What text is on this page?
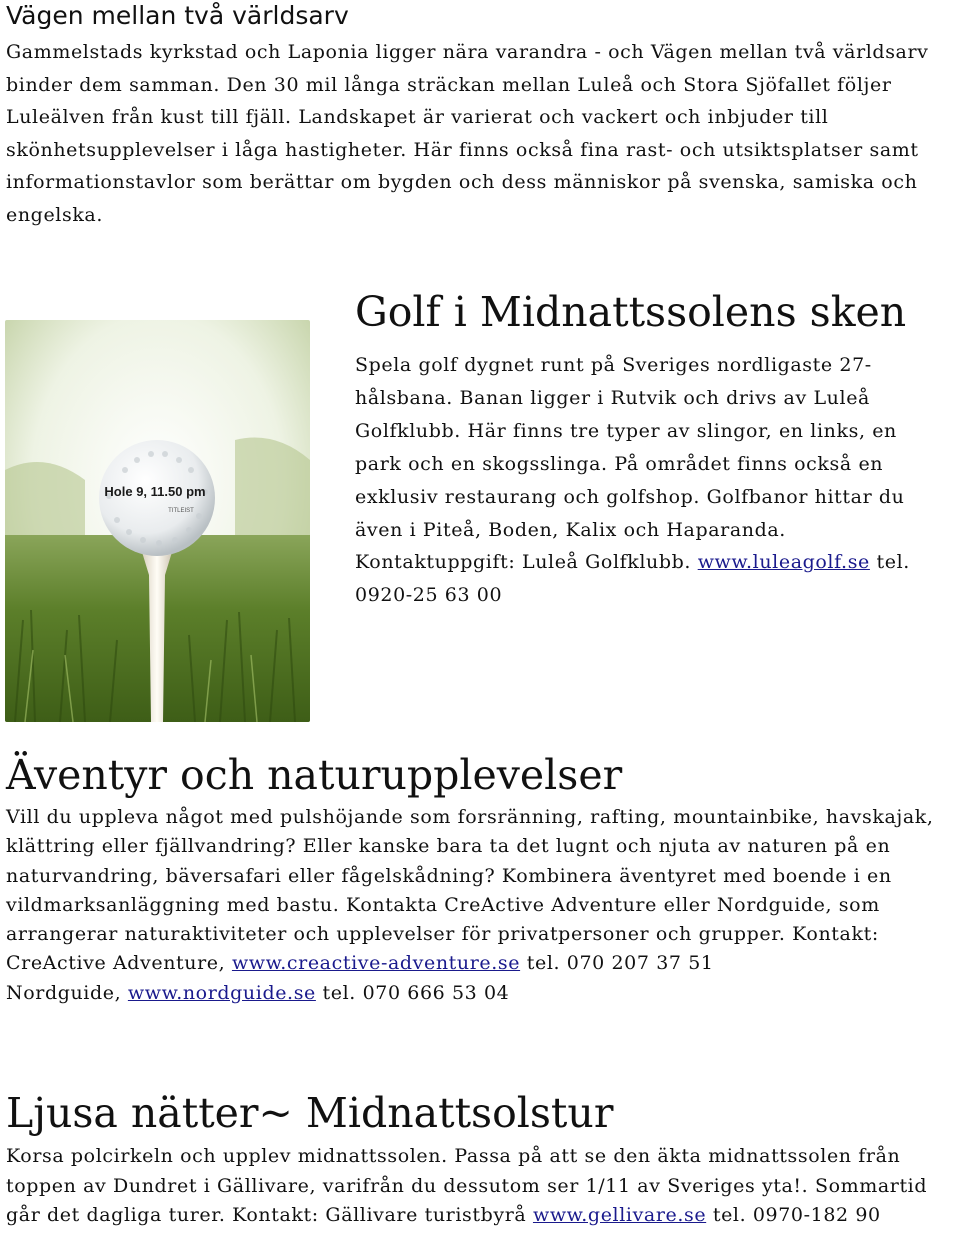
Vägen mellan två världsarv

Gammelstads kyrkstad och Laponia ligger nära varandra - och Vägen mellan två världsarv binder dem samman. Den 30 mil långa sträckan mellan Luleå och Stora Sjöfallet följer Luleälven från kust till fjäll. Landskapet är varierat och vackert och inbjuder till skönhetsupplevelser i låga hastigheter. Här finns också fina rast- och utsiktsplatser samt informationstavlor som berättar om bygden och dess människor på svenska, samiska och engelska.

Hole 9, 11.50 pm
TITLEIST
Golf i Midnattssolens sken

Spela golf dygnet runt på Sveriges nordligaste 27-hålsbana. Banan ligger i Rutvik och drivs av Luleå Golfklubb. Här finns tre typer av slingor, en links, en park och en skogsslinga. På området finns också en exklusiv restaurang och golfshop. Golfbanor hittar du även i Piteå, Boden, Kalix och Haparanda. Kontaktuppgift: Luleå Golfklubb. www.luleagolf.se tel. 0920-25 63 00

Äventyr och naturupplevelser

Vill du uppleva något med pulshöjande som forsränning, rafting, mountainbike, havskajak, klättring eller fjällvandring? Eller kanske bara ta det lugnt och njuta av naturen på en naturvandring, bäversafari eller fågelskådning? Kombinera äventyret med boende i en vildmarksanläggning med bastu. Kontakta CreActive Adventure eller Nordguide, som arrangerar naturaktiviteter och upplevelser för privatpersoner och grupper. Kontakt:
CreActive Adventure, www.creactive-adventure.se tel. 070 207 37 51
Nordguide, www.nordguide.se tel. 070 666 53 04

Ljusa nätter~ Midnattsolstur

Korsa polcirkeln och upplev midnattssolen. Passa på att se den äkta midnattssolen från toppen av Dundret i Gällivare, varifrån du dessutom ser 1/11 av Sveriges yta!. Sommartid går det dagliga turer. Kontakt: Gällivare turistbyrå www.gellivare.se tel. 0970-182 90
